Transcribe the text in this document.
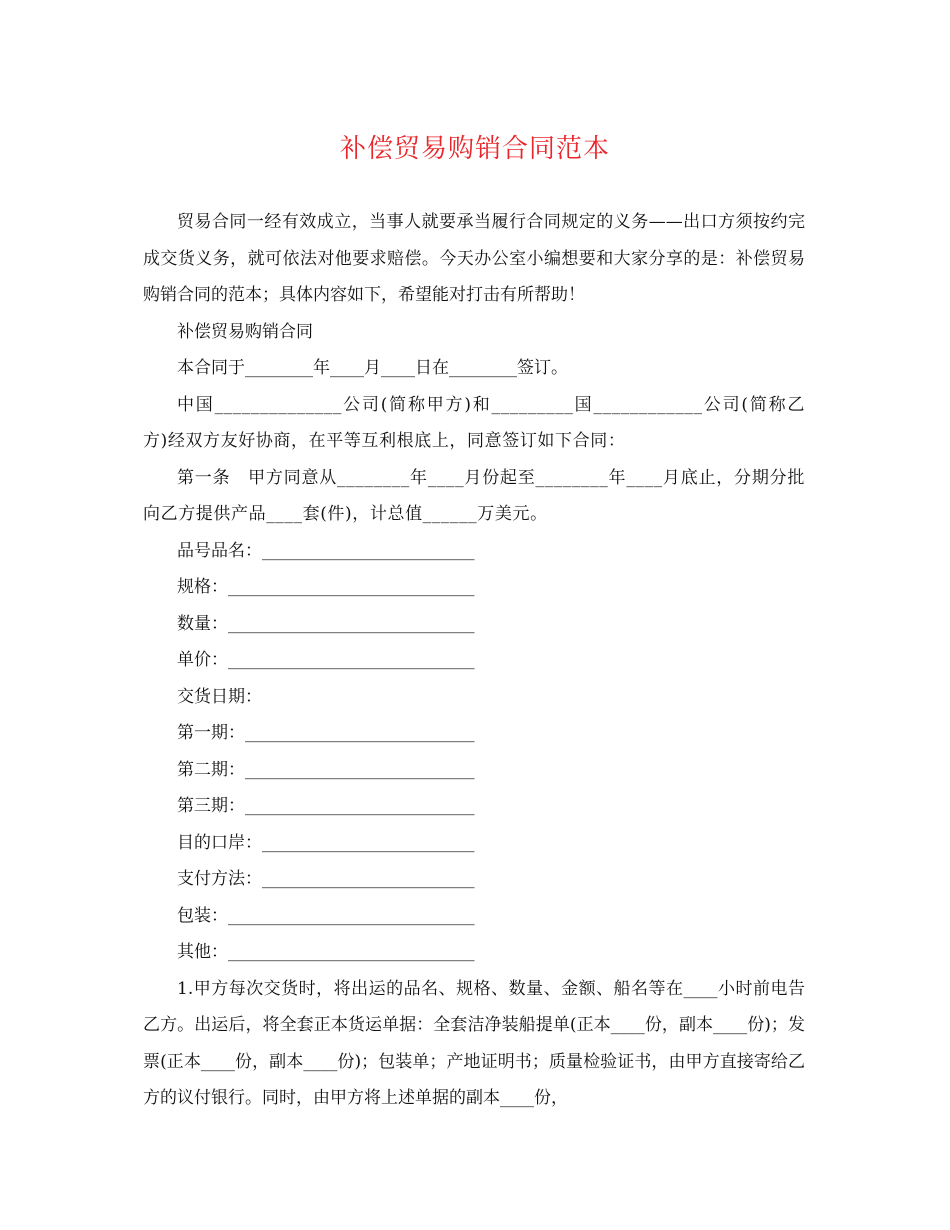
补偿贸易购销合同范本

贸易合同一经有效成立，当事人就要承当履行合同规定的义务——出口方须按约完成交货义务，就可依法对他要求赔偿。今天办公室小编想要和大家分享的是：补偿贸易购销合同的范本；具体内容如下，希望能对打击有所帮助！

补偿贸易购销合同

本合同于________年____月____日在________签订。

中国______________公司(简称甲方)和_________国____________公司(简称乙方)经双方友好协商，在平等互利根底上，同意签订如下合同：

第一条　甲方同意从________年____月份起至________年____月底止，分期分批向乙方提供产品____套(件)，计总值______万美元。

品号品名：_________________________

规格：_____________________________

数量：_____________________________

单价：_____________________________

交货日期：

第一期：___________________________

第二期：___________________________

第三期：___________________________

目的口岸：_________________________

支付方法：_________________________

包装：_____________________________

其他：_____________________________

1.甲方每次交货时，将出运的品名、规格、数量、金额、船名等在____小时前电告乙方。出运后，将全套正本货运单据：全套洁净装船提单(正本____份，副本____份)；发票(正本____份，副本____份)；包装单；产地证明书；质量检验证书，由甲方直接寄给乙方的议付银行。同时，由甲方将上述单据的副本____份，
